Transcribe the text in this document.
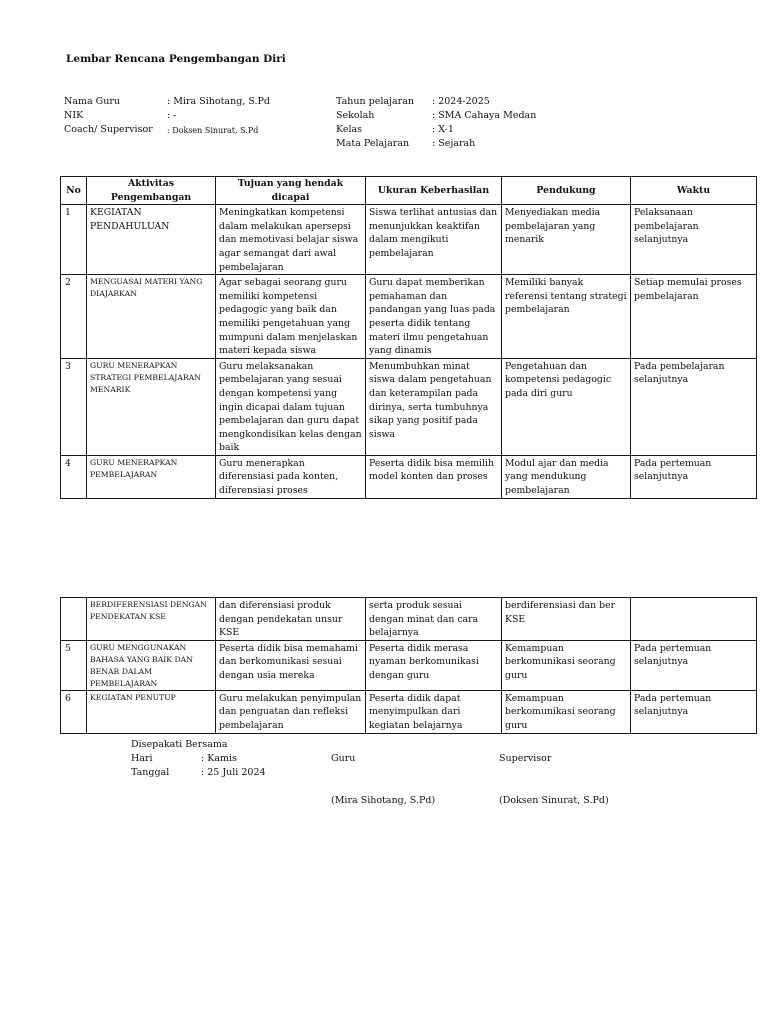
Lembar Rencana Pengembangan Diri
Nama Guru	: Mira Sihotang, S.Pd
NIK	: -
Coach/ Supervisor : Doksen Sinurat, S.Pd
Tahun pelajaran : 2024-2025
Sekolah	: SMA Cahaya Medan
Kelas	: X-1
Mata Pelajaran : Sejarah
No	Aktivitas Pengembangan	Tujuan yang hendak dicapai	Ukuran Keberhasilan	Pendukung	Waktu
1	KEGIATAN PENDAHULUAN	Meningkatkan kompetensi dalam melakukan apersepsi dan memotivasi belajar siswa agar semangat dari awal pembelajaran	Siswa terlihat antusias dan menunjukkan keaktifan dalam mengikuti pembelajaran	Menyediakan media pembelajaran yang menarik	Pelaksanaan pembelajaran selanjutnya
2	MENGUASAI MATERI YANG DIAJARKAN	Agar sebagai seorang guru memiliki kompetensi pedagogic yang baik dan memiliki pengetahuan yang mumpuni dalam menjelaskan materi kepada siswa	Guru dapat memberikan pemahaman dan pandangan yang luas pada peserta didik tentang materi ilmu pengetahuan yang dinamis	Memiliki banyak referensi tentang strategi pembelajaran	Setiap memulai proses pembelajaran
3	GURU MENERAPKAN STRATEGI PEMBELAJARAN MENARIK	Guru melaksanakan pembelajaran yang sesuai dengan kompetensi yang ingin dicapai dalam tujuan pembelajaran dan guru dapat mengkondisikan kelas dengan baik	Menumbuhkan minat siswa dalam pengetahuan dan keterampilan pada dirinya, serta tumbuhnya sikap yang positif pada siswa	Pengetahuan dan kompetensi pedagogic pada diri guru	Pada pembelajaran selanjutnya
4	GURU MENERAPKAN PEMBELAJARAN	Guru menerapkan diferensiasi pada konten, diferensiasi proses	Peserta didik bisa memilih model konten dan proses	Modul ajar dan media yang mendukung pembelajaran	Pada pertemuan selanjutnya
	BERDIFERENSIASI DENGAN PENDEKATAN KSE	dan diferensiasi produk dengan pendekatan unsur KSE	serta produk sesuai dengan minat dan cara belajarnya	berdiferensiasi dan ber KSE	
5	GURU MENGGUNAKAN BAHASA YANG BAIK DAN BENAR DALAM PEMBELAJARAN	Peserta didik bisa memahami dan berkomunikasi sesuai dengan usia mereka	Peserta didik merasa nyaman berkomunikasi dengan guru	Kemampuan berkomunikasi seorang guru	Pada pertemuan selanjutnya
6	KEGIATAN PENUTUP	Guru melakukan penyimpulan dan penguatan dan refleksi pembelajaran	Peserta didik dapat menyimpulkan dari kegiatan belajarnya	Kemampuan berkomunikasi seorang guru	Pada pertemuan selanjutnya
Disepakati Bersama
Hari	: Kamis
Tanggal	: 25 Juli 2024
Guru	Supervisor
(Mira Sihotang, S.Pd)	(Doksen Sinurat, S.Pd)
